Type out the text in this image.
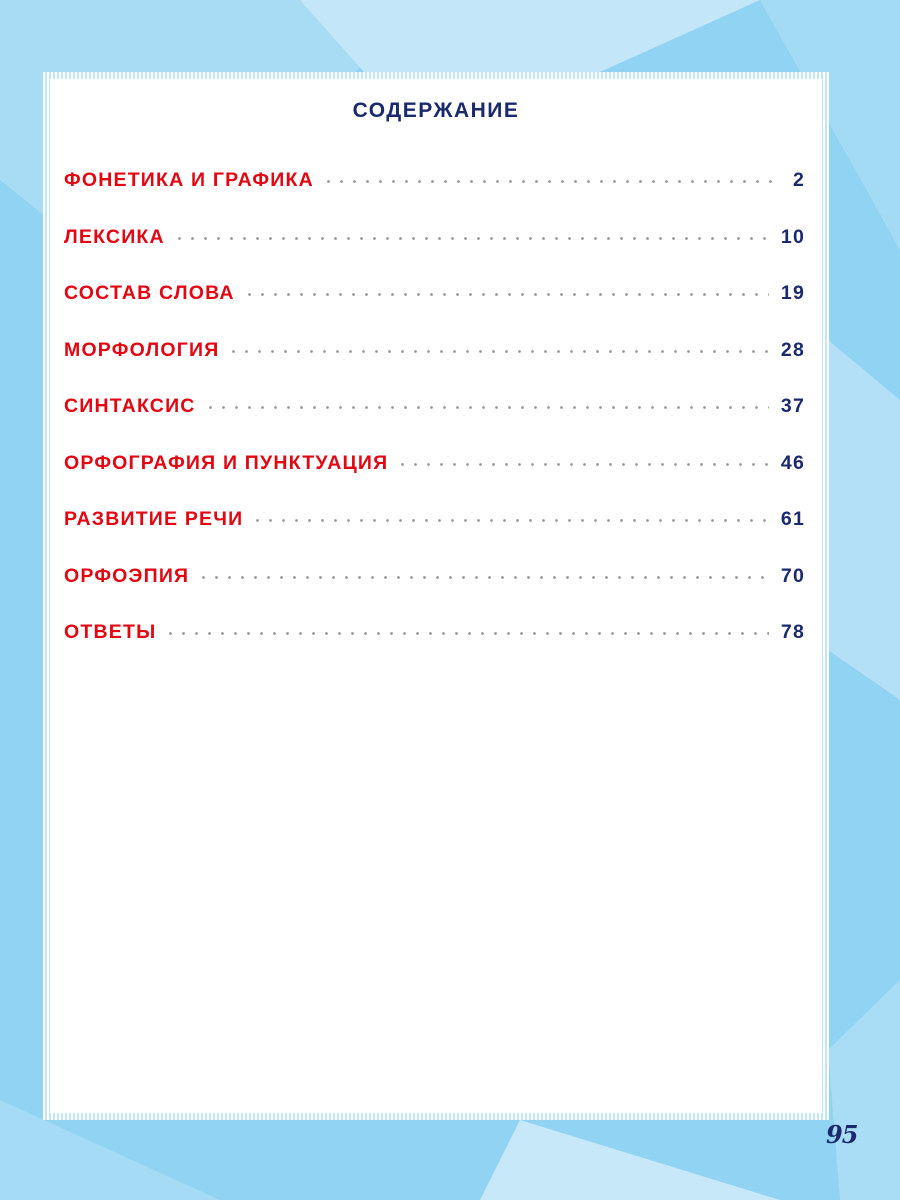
СОДЕРЖАНИЕ
ФОНЕТИКА И ГРАФИКА	2
ЛЕКСИКА	10
СОСТАВ СЛОВА	19
МОРФОЛОГИЯ	28
СИНТАКСИС	37
ОРФОГРАФИЯ И ПУНКТУАЦИЯ	46
РАЗВИТИЕ РЕЧИ	61
ОРФОЭПИЯ	70
ОТВЕТЫ	78
95
